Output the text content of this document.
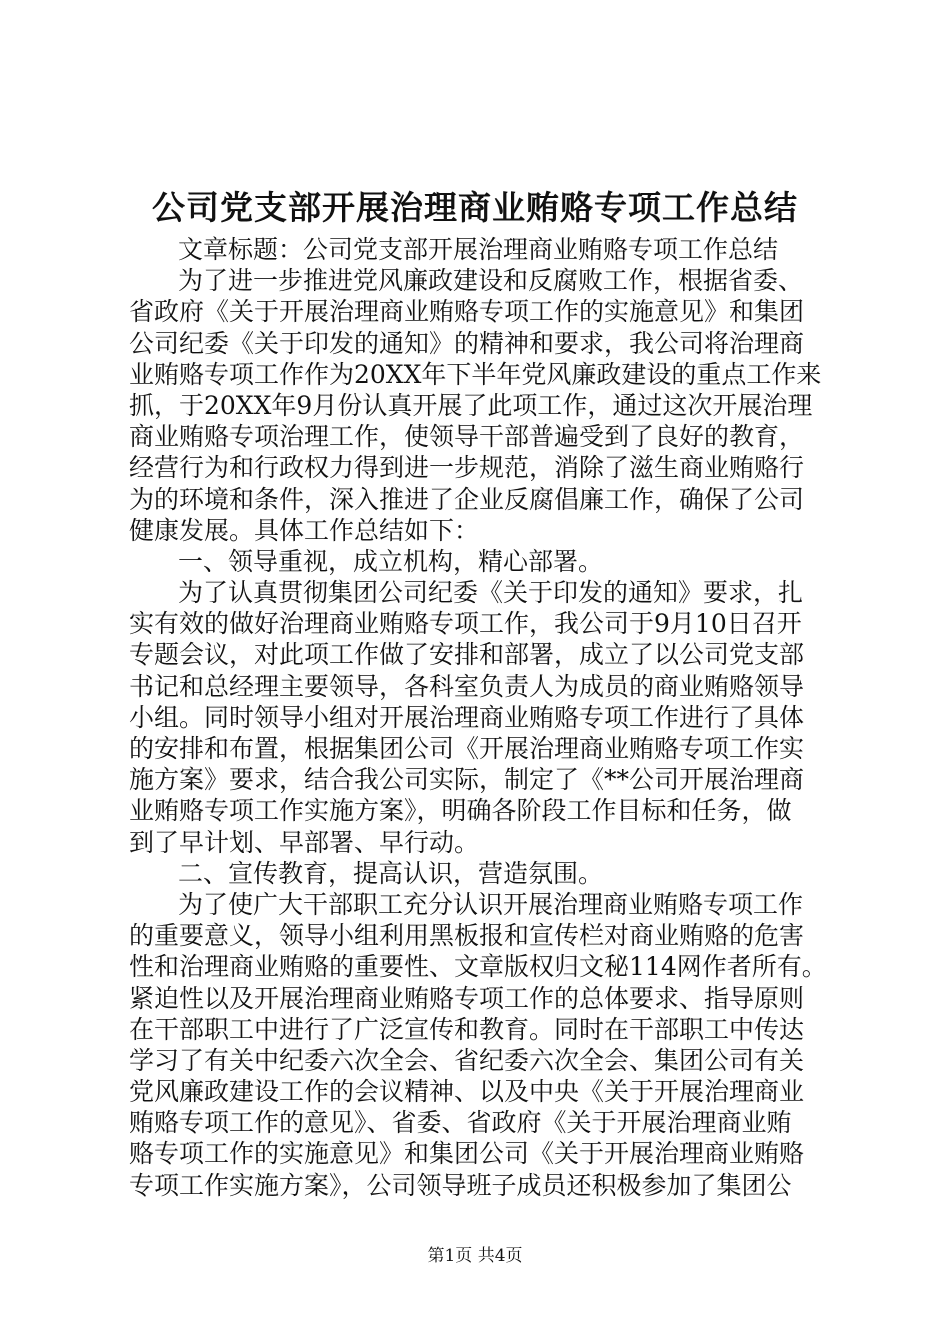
公司党支部开展治理商业贿赂专项工作总结
文章标题：公司党支部开展治理商业贿赂专项工作总结
为了进一步推进党风廉政建设和反腐败工作，根据省委、
省政府《关于开展治理商业贿赂专项工作的实施意见》和集团
公司纪委《关于印发的通知》的精神和要求，我公司将治理商
业贿赂专项工作作为20XX年下半年党风廉政建设的重点工作来
抓，于20XX年9月份认真开展了此项工作，通过这次开展治理
商业贿赂专项治理工作，使领导干部普遍受到了良好的教育，
经营行为和行政权力得到进一步规范，消除了滋生商业贿赂行
为的环境和条件，深入推进了企业反腐倡廉工作，确保了公司
健康发展。具体工作总结如下：
一、领导重视，成立机构，精心部署。
为了认真贯彻集团公司纪委《关于印发的通知》要求，扎
实有效的做好治理商业贿赂专项工作，我公司于9月10日召开
专题会议，对此项工作做了安排和部署，成立了以公司党支部
书记和总经理主要领导，各科室负责人为成员的商业贿赂领导
小组。同时领导小组对开展治理商业贿赂专项工作进行了具体
的安排和布置，根据集团公司《开展治理商业贿赂专项工作实
施方案》要求，结合我公司实际，制定了《**公司开展治理商
业贿赂专项工作实施方案》，明确各阶段工作目标和任务，做
到了早计划、早部署、早行动。
二、宣传教育，提高认识，营造氛围。
为了使广大干部职工充分认识开展治理商业贿赂专项工作
的重要意义，领导小组利用黑板报和宣传栏对商业贿赂的危害
性和治理商业贿赂的重要性、文章版权归文秘114网作者所有。
紧迫性以及开展治理商业贿赂专项工作的总体要求、指导原则
在干部职工中进行了广泛宣传和教育。同时在干部职工中传达
学习了有关中纪委六次全会、省纪委六次全会、集团公司有关
党风廉政建设工作的会议精神、以及中央《关于开展治理商业
贿赂专项工作的意见》、省委、省政府《关于开展治理商业贿
赂专项工作的实施意见》和集团公司《关于开展治理商业贿赂
专项工作实施方案》，公司领导班子成员还积极参加了集团公
第1页 共4页
